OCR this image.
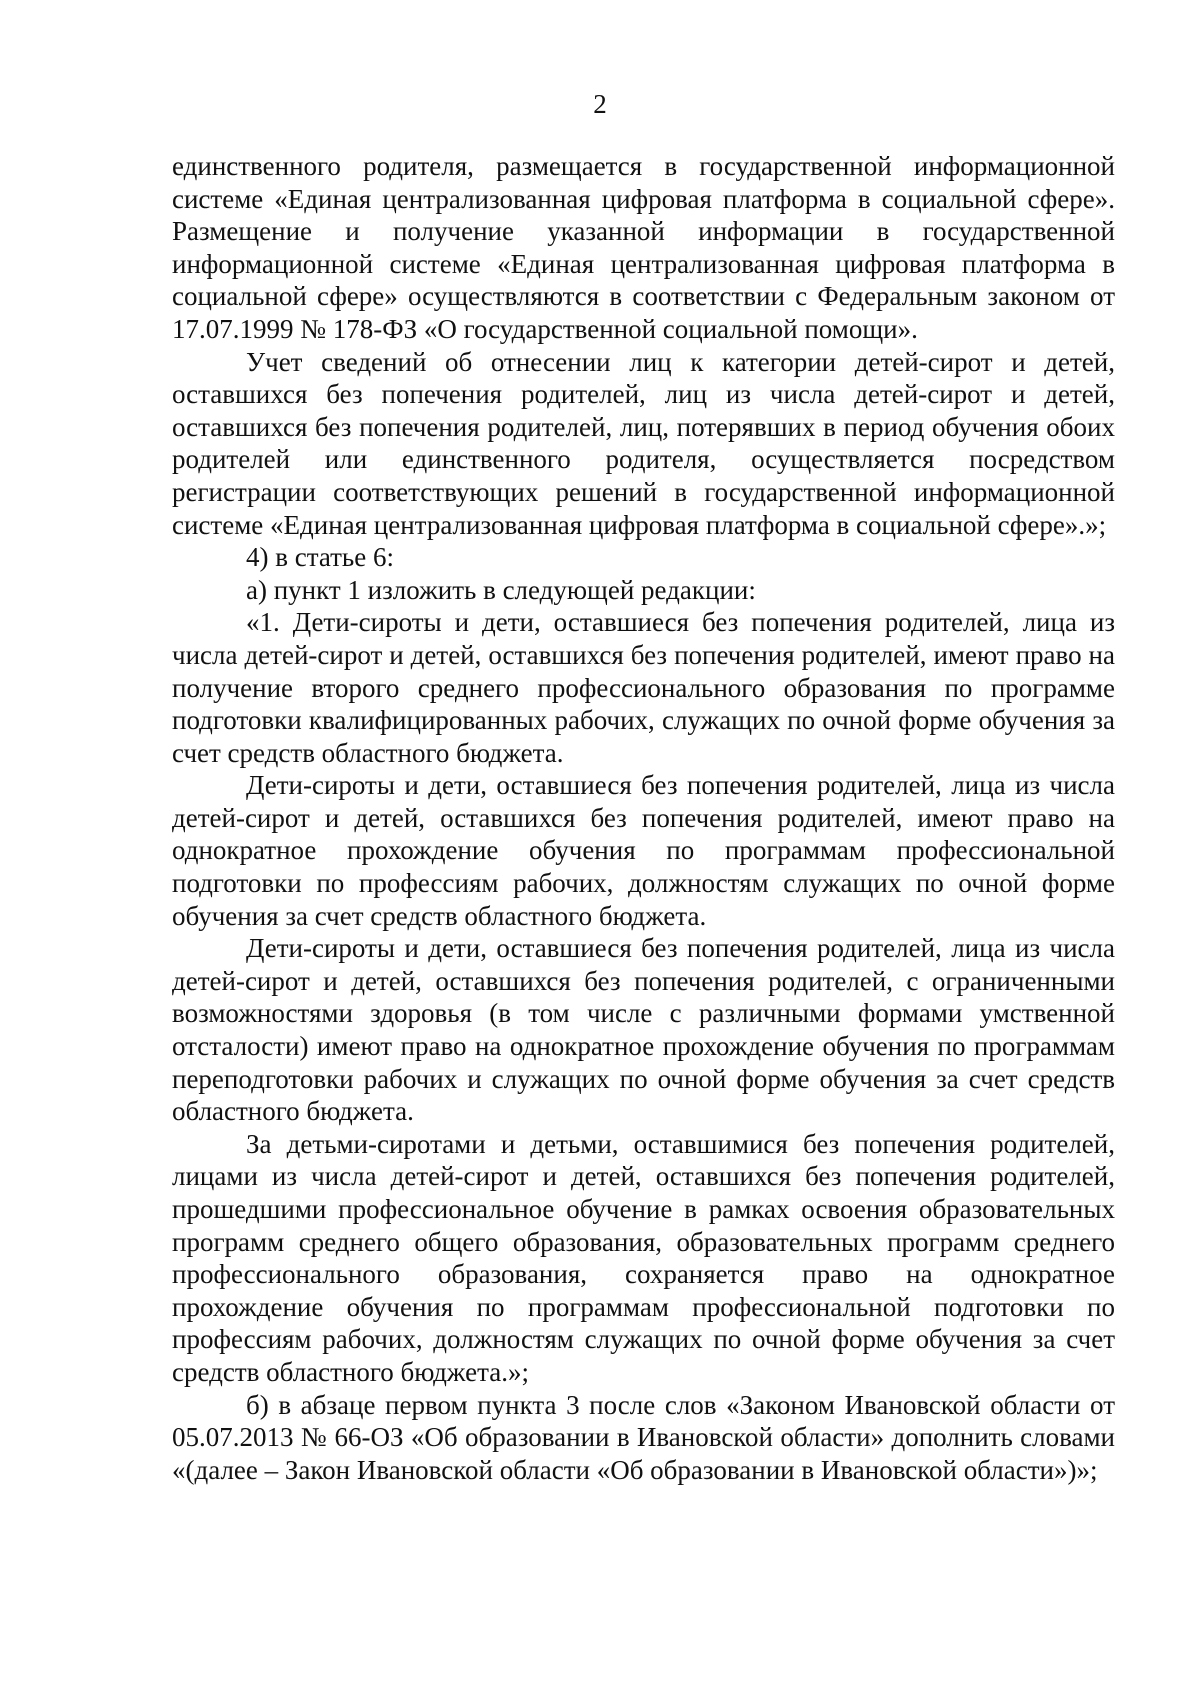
2

единственного родителя, размещается в государственной информационной системе «Единая централизованная цифровая платформа в социальной сфере». Размещение и получение указанной информации в государственной информационной системе «Единая централизованная цифровая платформа в социальной сфере» осуществляются в соответствии с Федеральным законом от 17.07.1999 № 178-ФЗ «О государственной социальной помощи».

Учет сведений об отнесении лиц к категории детей-сирот и детей, оставшихся без попечения родителей, лиц из числа детей-сирот и детей, оставшихся без попечения родителей, лиц, потерявших в период обучения обоих родителей или единственного родителя, осуществляется посредством регистрации соответствующих решений в государственной информационной системе «Единая централизованная цифровая платформа в социальной сфере».»;

4) в статье 6:

а) пункт 1 изложить в следующей редакции:

«1. Дети-сироты и дети, оставшиеся без попечения родителей, лица из числа детей-сирот и детей, оставшихся без попечения родителей, имеют право на получение второго среднего профессионального образования по программе подготовки квалифицированных рабочих, служащих по очной форме обучения за счет средств областного бюджета.

Дети-сироты и дети, оставшиеся без попечения родителей, лица из числа детей-сирот и детей, оставшихся без попечения родителей, имеют право на однократное прохождение обучения по программам профессиональной подготовки по профессиям рабочих, должностям служащих по очной форме обучения за счет средств областного бюджета.

Дети-сироты и дети, оставшиеся без попечения родителей, лица из числа детей-сирот и детей, оставшихся без попечения родителей, с ограниченными возможностями здоровья (в том числе с различными формами умственной отсталости) имеют право на однократное прохождение обучения по программам переподготовки рабочих и служащих по очной форме обучения за счет средств областного бюджета.

За детьми-сиротами и детьми, оставшимися без попечения родителей, лицами из числа детей-сирот и детей, оставшихся без попечения родителей, прошедшими профессиональное обучение в рамках освоения образовательных программ среднего общего образования, образовательных программ среднего профессионального образования, сохраняется право на однократное прохождение обучения по программам профессиональной подготовки по профессиям рабочих, должностям служащих по очной форме обучения за счет средств областного бюджета.»;

б) в абзаце первом пункта 3 после слов «Законом Ивановской области от 05.07.2013 № 66-ОЗ «Об образовании в Ивановской области» дополнить словами «(далее – Закон Ивановской области «Об образовании в Ивановской области»)»;
